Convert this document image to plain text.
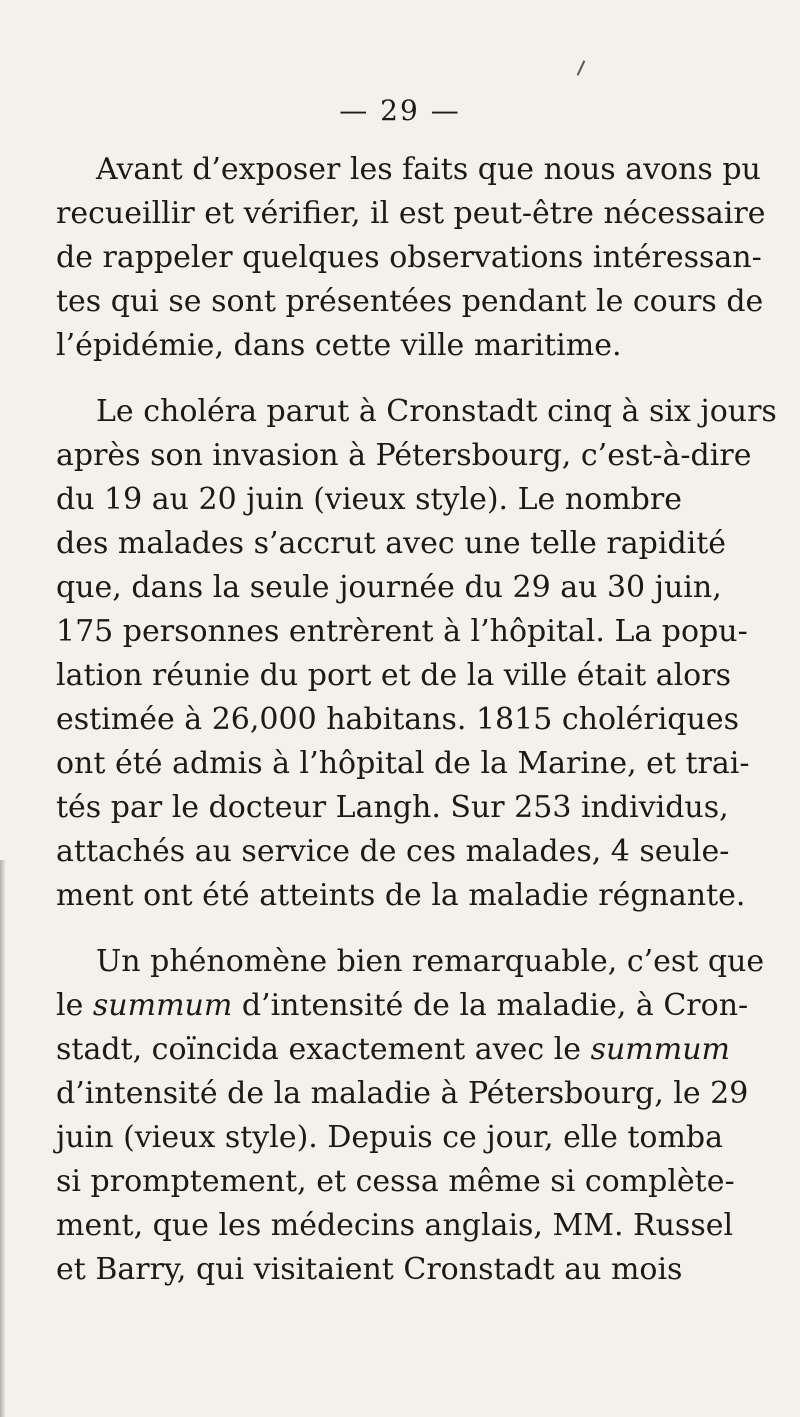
— 29 —
Avant d’exposer les faits que nous avons pu
recueillir et vérifier, il est peut-être nécessaire
de rappeler quelques observations intéressan-
tes qui se sont présentées pendant le cours de
l’épidémie, dans cette ville maritime.
Le choléra parut à Cronstadt cinq à six jours
après son invasion à Pétersbourg, c’est-à-dire
du 19 au 20 juin (vieux style). Le nombre
des malades s’accrut avec une telle rapidité
que, dans la seule journée du 29 au 30 juin,
175 personnes entrèrent à l’hôpital. La popu-
lation réunie du port et de la ville était alors
estimée à 26,000 habitans. 1815 cholériques
ont été admis à l’hôpital de la Marine, et trai-
tés par le docteur Langh. Sur 253 individus,
attachés au service de ces malades, 4 seule-
ment ont été atteints de la maladie régnante.
Un phénomène bien remarquable, c’est que
le summum d’intensité de la maladie, à Cron-
stadt, coïncida exactement avec le summum
d’intensité de la maladie à Pétersbourg, le 29
juin (vieux style). Depuis ce jour, elle tomba
si promptement, et cessa même si complète-
ment, que les médecins anglais, MM. Russel
et Barry, qui visitaient Cronstadt au mois
